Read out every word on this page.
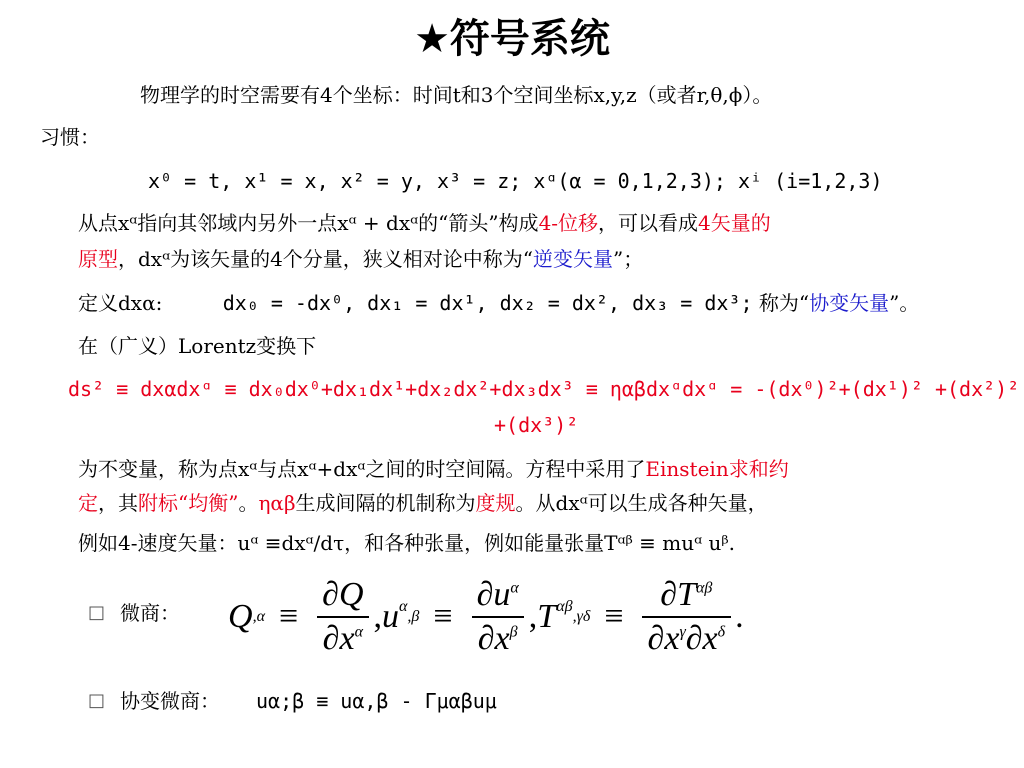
★符号系统
物理学的时空需要有4个坐标：时间t和3个空间坐标x,y,z（或者r,θ,ϕ）。
习惯：
x⁰ = t, x¹ = x, x² = y, x³ = z; xᵅ(α = 0,1,2,3); xⁱ (i=1,2,3)
从点xᵅ指向其邻域内另外一点xᵅ + dxᵅ的“箭头”构成4-位移，可以看成4矢量的
原型，dxᵅ为该矢量的4个分量，狭义相对论中称为“逆变矢量”；
定义dxα:	dx₀ = -dx⁰, dx₁ = dx¹, dx₂ = dx², dx₃ = dx³; 称为“协变矢量”。
在（广义）Lorentz变换下
ds² ≡ dxαdxᵅ ≡ dx₀dx⁰+dx₁dx¹+dx₂dx²+dx₃dx³ ≡ ηαβdxᵅdxᵅ = -(dx⁰)²+(dx¹)² +(dx²)²
+(dx³)²
为不变量，称为点xᵅ与点xᵅ+dxᵅ之间的时空间隔。方程中采用了Einstein求和约
定，其附标“均衡”。ηαβ生成间隔的机制称为度规。从dxᵅ可以生成各种矢量，
例如4-速度矢量：uᵅ ≡dxᵅ/dτ，和各种张量，例如能量张量Tᵅᵝ ≡ muᵅ uᵝ.
□ 微商： Q $,\alpha \equiv \frac{\partial Q}{\partial x^\alpha}$ , $u^\alpha$
$,\beta \equiv \frac{\partial u^\alpha}{\partial x^\beta}$ , $T^{\alpha\beta}$
$,\gamma\delta \equiv \frac{\partial T^{\alpha\beta}}{\partial x^\gamma\partial x^\delta}$ .
□ 协变微商： uα;β ≡ uα,β - Γμαβuμ
